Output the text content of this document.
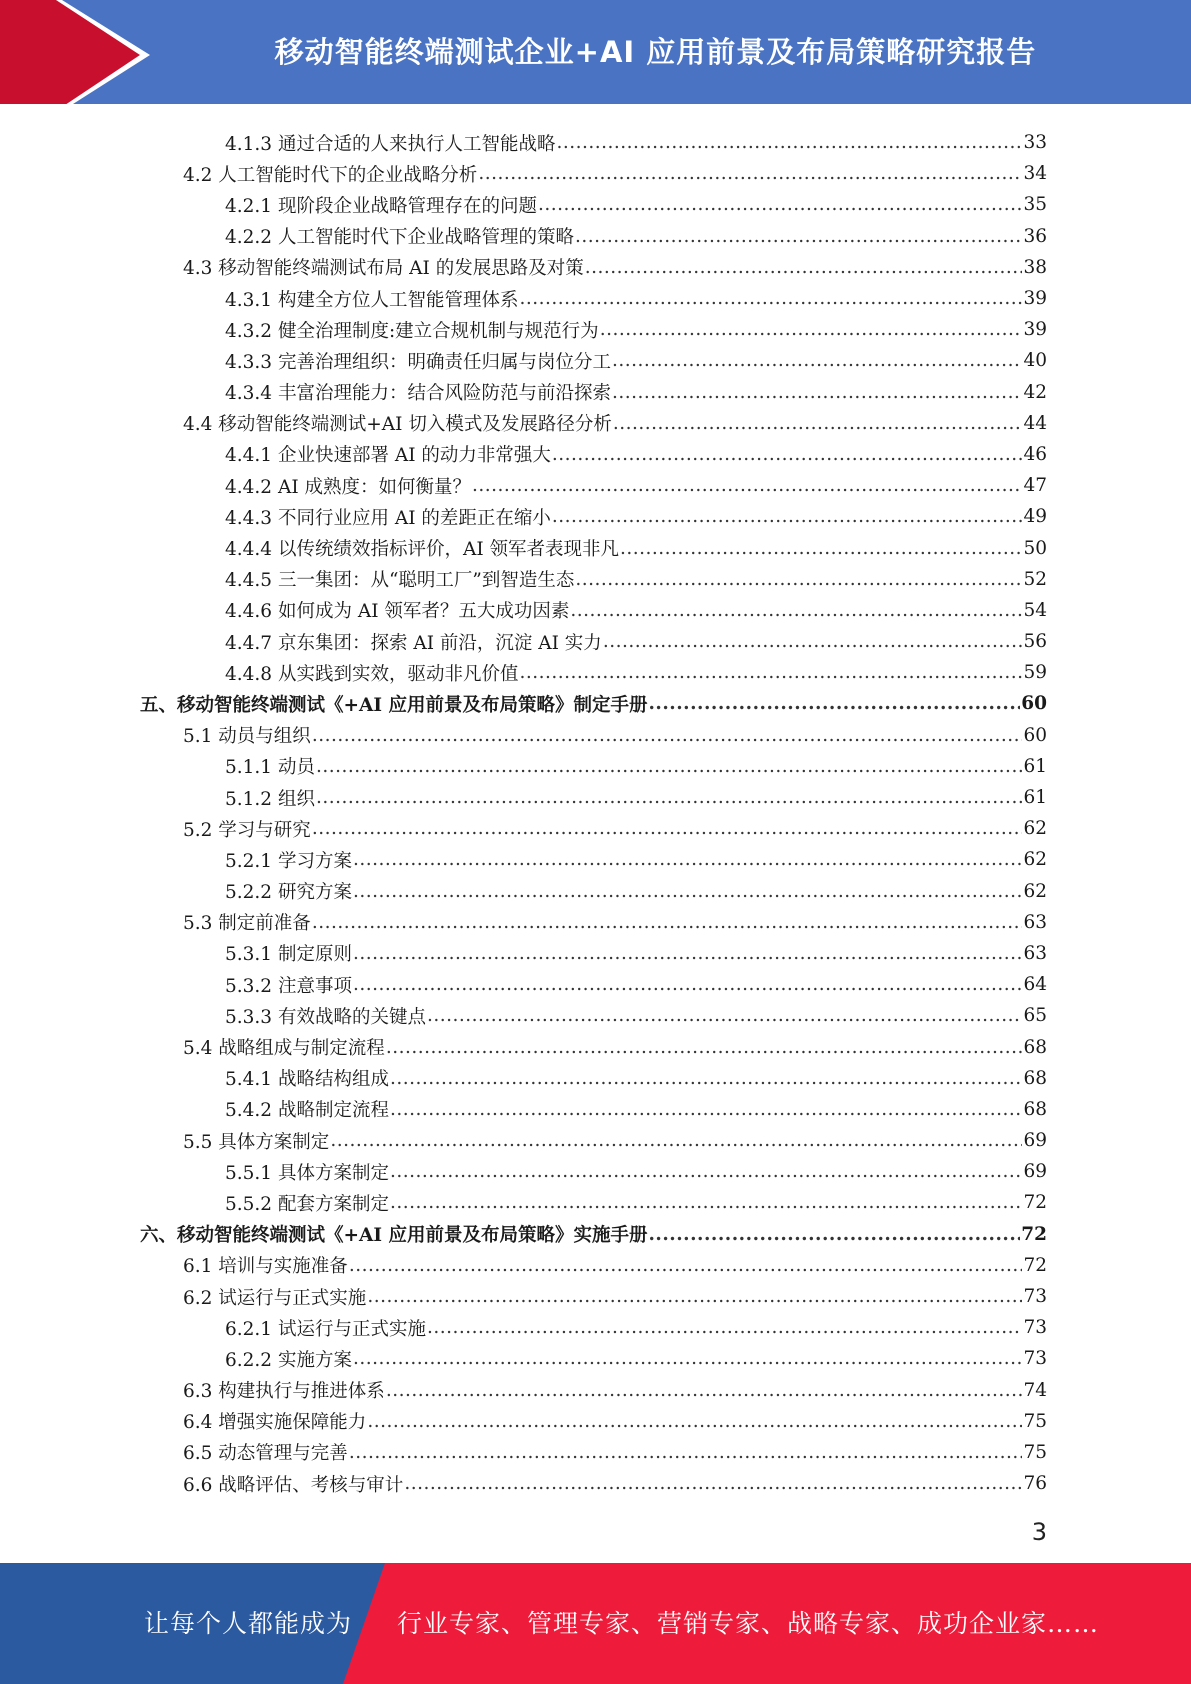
移动智能终端测试企业+AI 应用前景及布局策略研究报告
4.1.3 通过合适的人来执行人工智能战略 .....	33
4.2 人工智能时代下的企业战略分析 .....	34
4.2.1 现阶段企业战略管理存在的问题 .....	35
4.2.2 人工智能时代下企业战略管理的策略 .....	36
4.3 移动智能终端测试布局 AI 的发展思路及对策 .....	38
4.3.1 构建全方位人工智能管理体系 .....	39
4.3.2 健全治理制度:建立合规机制与规范行为 .....	39
4.3.3 完善治理组织：明确责任归属与岗位分工 .....	40
4.3.4 丰富治理能力：结合风险防范与前沿探索 .....	42
4.4 移动智能终端测试+AI 切入模式及发展路径分析 .....	44
4.4.1 企业快速部署 AI 的动力非常强大 .....	46
4.4.2 AI 成熟度：如何衡量？ .....	47
4.4.3 不同行业应用 AI 的差距正在缩小 .....	49
4.4.4 以传统绩效指标评价，AI 领军者表现非凡 .....	50
4.4.5 三一集团：从“聪明工厂”到智造生态 .....	52
4.4.6 如何成为 AI 领军者？五大成功因素 .....	54
4.4.7 京东集团：探索 AI 前沿，沉淀 AI 实力 .....	56
4.4.8 从实践到实效，驱动非凡价值 .....	59
五、移动智能终端测试《+AI 应用前景及布局策略》制定手册 .....	60
5.1 动员与组织 .....	60
5.1.1 动员 .....	61
5.1.2 组织 .....	61
5.2 学习与研究 .....	62
5.2.1 学习方案 .....	62
5.2.2 研究方案 .....	62
5.3 制定前准备 .....	63
5.3.1 制定原则 .....	63
5.3.2 注意事项 .....	64
5.3.3 有效战略的关键点 .....	65
5.4 战略组成与制定流程 .....	68
5.4.1 战略结构组成 .....	68
5.4.2 战略制定流程 .....	68
5.5 具体方案制定 .....	69
5.5.1 具体方案制定 .....	69
5.5.2 配套方案制定 .....	72
六、移动智能终端测试《+AI 应用前景及布局策略》实施手册 .....	72
6.1 培训与实施准备 .....	72
6.2 试运行与正式实施 .....	73
6.2.1 试运行与正式实施 .....	73
6.2.2 实施方案 .....	73
6.3 构建执行与推进体系 .....	74
6.4 增强实施保障能力 .....	75
6.5 动态管理与完善 .....	75
6.6 战略评估、考核与审计 .....	76
3
让每个人都能成为 行业专家、管理专家、营销专家、战略专家、成功企业家……
